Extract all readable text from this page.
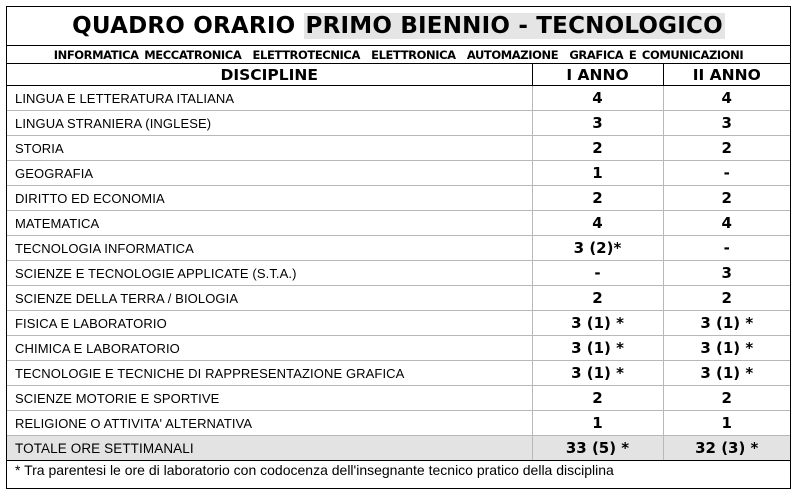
QUADRO ORARIO PRIMO BIENNIO - TECNOLOGICO
INFORMATICA MECCATRONICA  ELETTROTECNICA  ELETTRONICA  AUTOMAZIONE  GRAFICA E COMUNICAZIONI
DISCIPLINE	I ANNO	II ANNO
LINGUA E LETTERATURA ITALIANA	4	4
LINGUA STRANIERA (INGLESE)	3	3
STORIA	2	2
GEOGRAFIA	1	-
DIRITTO ED ECONOMIA	2	2
MATEMATICA	4	4
TECNOLOGIA INFORMATICA	3 (2)*	-
SCIENZE E TECNOLOGIE APPLICATE (S.T.A.)	-	3
SCIENZE DELLA TERRA / BIOLOGIA	2	2
FISICA E LABORATORIO	3 (1) *	3 (1) *
CHIMICA E LABORATORIO	3 (1) *	3 (1) *
TECNOLOGIE E TECNICHE DI RAPPRESENTAZIONE GRAFICA	3 (1) *	3 (1) *
SCIENZE MOTORIE E SPORTIVE	2	2
RELIGIONE O ATTIVITA' ALTERNATIVA	1	1
TOTALE ORE SETTIMANALI	33 (5) *	32 (3) *
* Tra parentesi le ore di laboratorio con codocenza dell'insegnante tecnico pratico della disciplina
